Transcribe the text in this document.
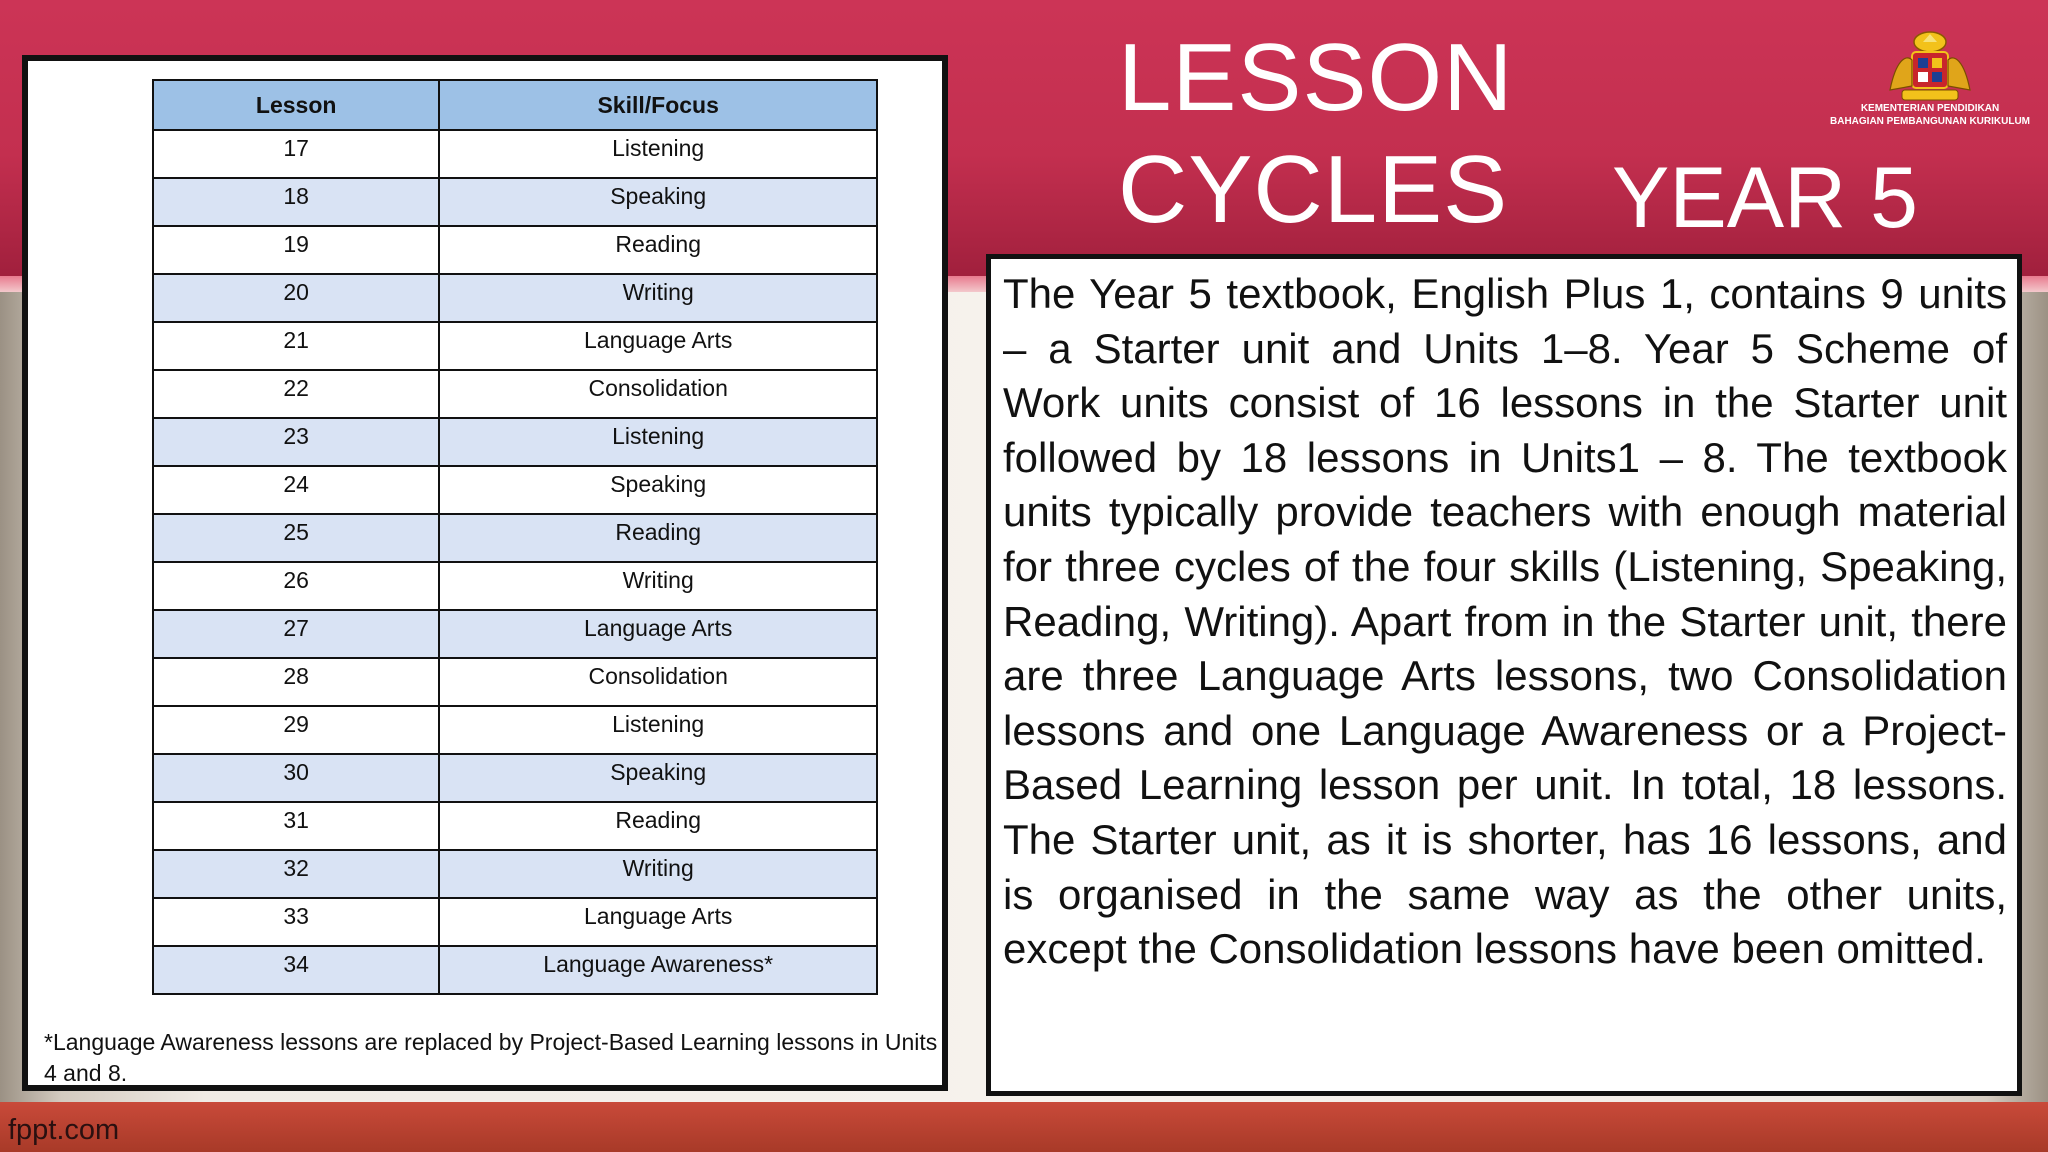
fppt.com
Lesson	Skill/Focus
17	Listening
18	Speaking
19	Reading
20	Writing
21	Language Arts
22	Consolidation
23	Listening
24	Speaking
25	Reading
26	Writing
27	Language Arts
28	Consolidation
29	Listening
30	Speaking
31	Reading
32	Writing
33	Language Arts
34	Language Awareness*
*Language Awareness lessons are replaced by Project-Based Learning lessons in Units 4 and 8.
LESSON
CYCLES YEAR 5
KEMENTERIAN PENDIDIKAN
BAHAGIAN PEMBANGUNAN KURIKULUM

The Year 5 textbook, English Plus 1, contains 9 units – a Starter unit and Units 1–8. Year 5 Scheme of Work units consist of 16 lessons in the Starter unit followed by 18 lessons in Units1 – 8. The textbook units typically provide teachers with enough material for three cycles of the four skills (Listening, Speaking, Reading, Writing). Apart from in the Starter unit, there are three Language Arts lessons, two Consolidation lessons and one Language Awareness or a Project-Based Learning lesson per unit. In total, 18 lessons. The Starter unit, as it is shorter, has 16 lessons, and is organised in the same way as the other units, except the Consolidation lessons have been omitted.
